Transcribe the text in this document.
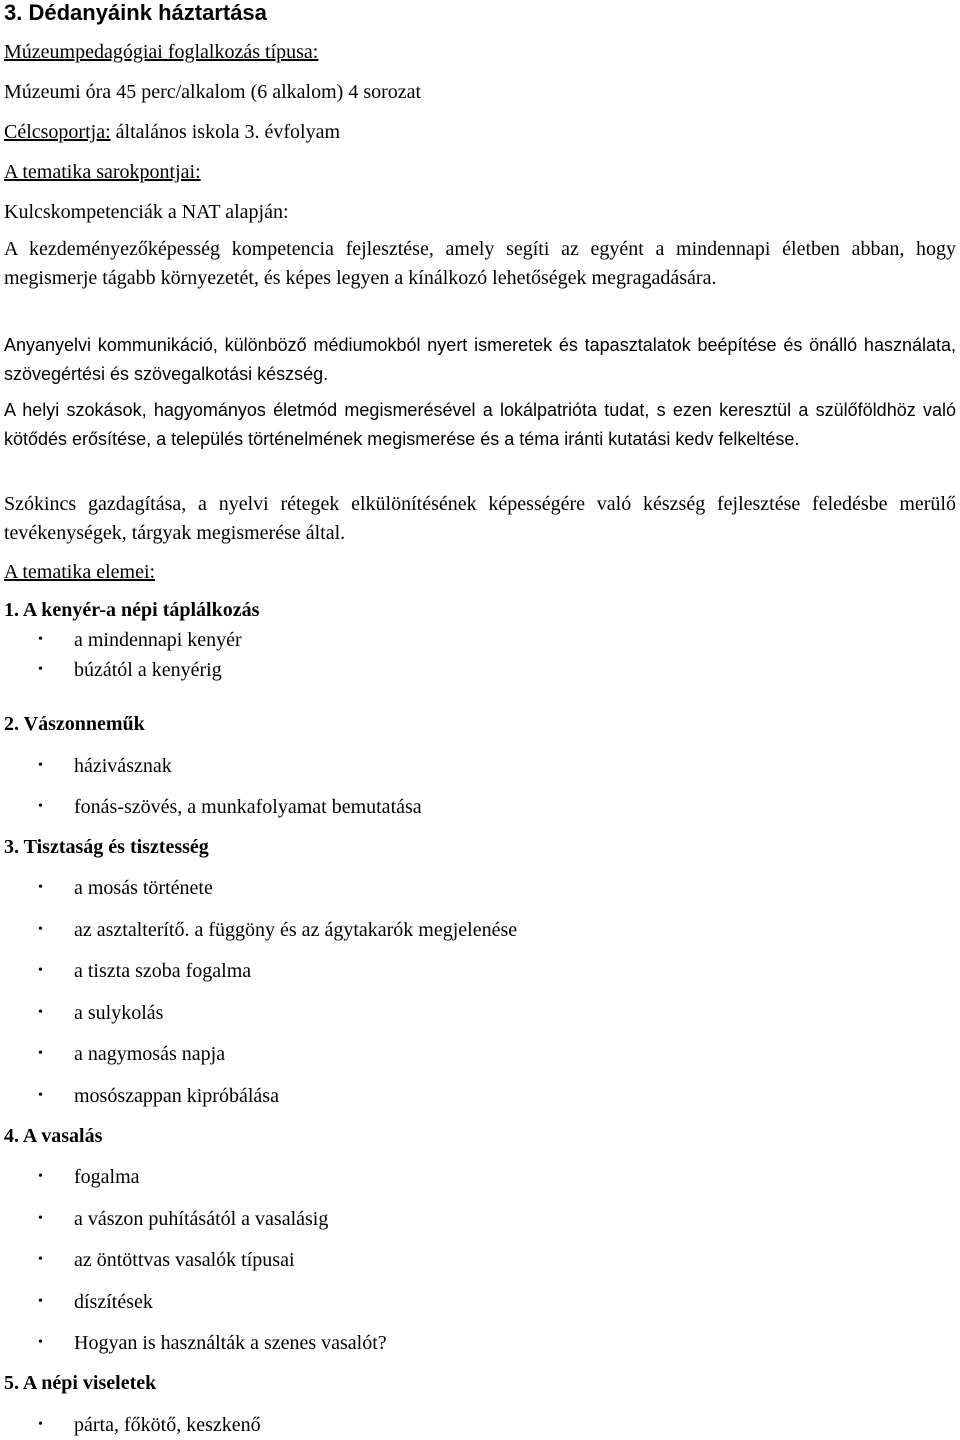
3. Dédanyáink háztartása
Múzeumpedagógiai foglalkozás típusa:
Múzeumi óra 45 perc/alkalom (6 alkalom) 4 sorozat
Célcsoportja: általános iskola 3. évfolyam
A tematika sarokpontjai:
Kulcskompetenciák a NAT alapján:
A kezdeményezőképesség kompetencia fejlesztése, amely segíti az egyént a mindennapi életben abban, hogy megismerje tágabb környezetét, és képes legyen a kínálkozó lehetőségek megragadására.
Anyanyelvi kommunikáció, különböző médiumokból nyert ismeretek és tapasztalatok beépítése és önálló használata, szövegértési és szövegalkotási készség.
A helyi szokások, hagyományos életmód megismerésével a lokálpatrióta tudat, s ezen keresztül a szülőföldhöz való kötődés erősítése, a település történelmének megismerése és a téma iránti kutatási kedv felkeltése.
Szókincs gazdagítása, a nyelvi rétegek elkülönítésének képességére való készség fejlesztése feledésbe merülő tevékenységek, tárgyak megismerése által.
A tematika elemei:
1. A kenyér-a népi táplálkozás
• a mindennapi kenyér
• búzától a kenyérig
2. Vászonneműk
• házivásznak
• fonás-szövés, a munkafolyamat bemutatása
3. Tisztaság és tisztesség
• a mosás története
• az asztalterítő. a függöny és az ágytakarók megjelenése
• a tiszta szoba fogalma
• a sulykolás
• a nagymosás napja
• mosószappan kipróbálása
4. A vasalás
• fogalma
• a vászon puhításától a vasalásig
• az öntöttvas vasalók típusai
• díszítések
• Hogyan is használták a szenes vasalót?
5. A népi viseletek
• párta, főkötő, keszkenő
